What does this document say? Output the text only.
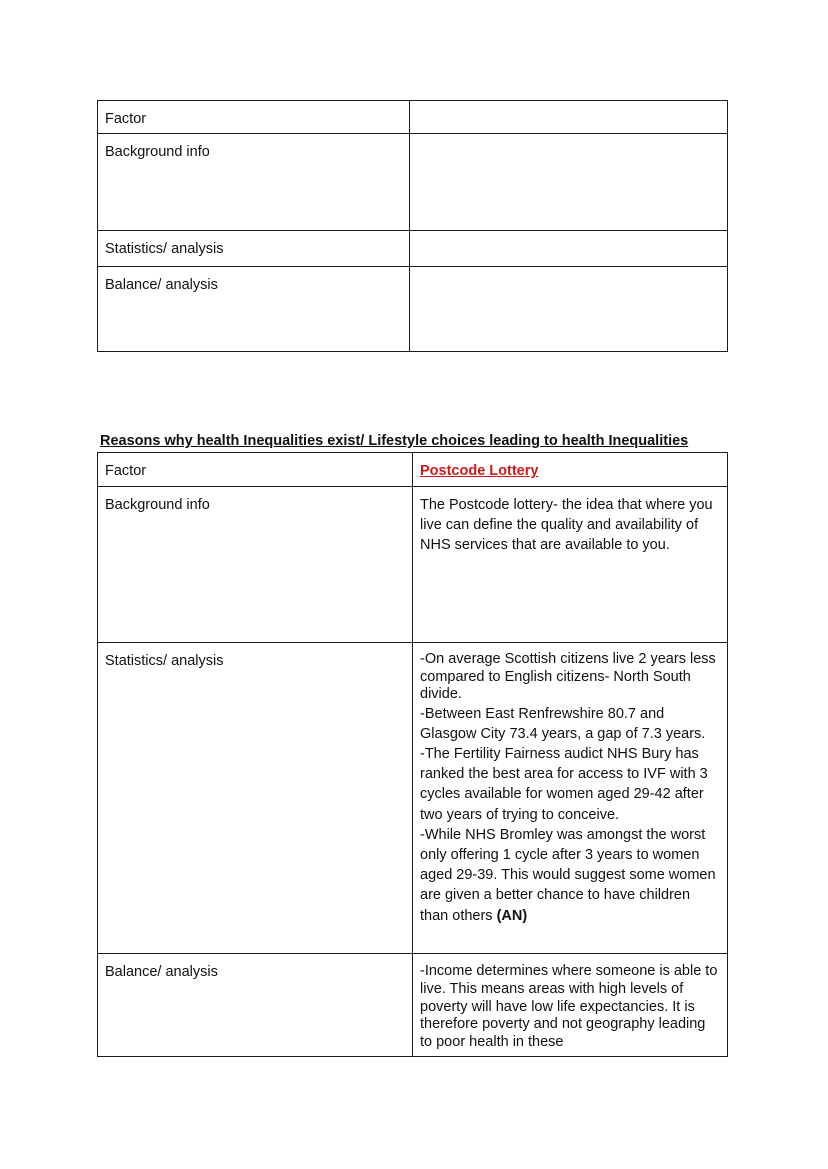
Factor	

Background info	

Statistics/ analysis	

Balance/ analysis	

Reasons why health Inequalities exist/ Lifestyle choices leading to health Inequalities

Factor	Postcode Lottery

Background info	The Postcode lottery- the idea that where you live can define the quality and availability of NHS services that are available to you.

Statistics/ analysis	-On average Scottish citizens live 2 years less compared to English citizens- North South divide.

-Between East Renfrewshire 80.7 and Glasgow City 73.4 years, a gap of 7.3 years.

-The Fertility Fairness audict NHS Bury has ranked the best area for access to IVF with 3 cycles available for women aged 29-42 after two years of trying to conceive.

-While NHS Bromley was amongst the worst only offering 1 cycle after 3 years to women aged 29-39. This would suggest some women are given a better chance to have children than others (AN)

Balance/ analysis	-Income determines where someone is able to live. This means areas with high levels of poverty will have low life expectancies. It is therefore poverty and not geography leading to poor health in these
